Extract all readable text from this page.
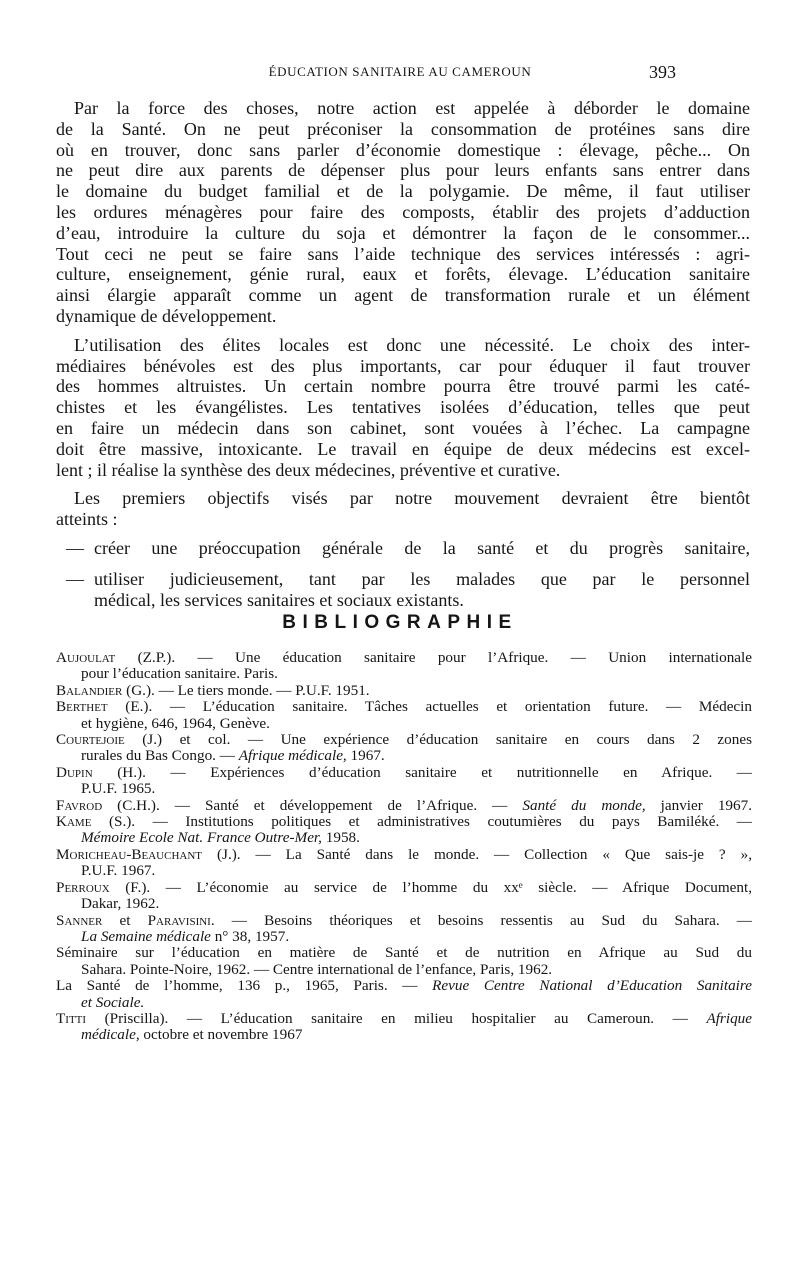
ÉDUCATION SANITAIRE AU CAMEROUN	393
Par la force des choses, notre action est appelée à déborder le domaine
de la Santé. On ne peut préconiser la consommation de protéines sans dire
où en trouver, donc sans parler d’économie domestique : élevage, pêche... On
ne peut dire aux parents de dépenser plus pour leurs enfants sans entrer dans
le domaine du budget familial et de la polygamie. De même, il faut utiliser
les ordures ménagères pour faire des composts, établir des projets d’adduction
d’eau, introduire la culture du soja et démontrer la façon de le consommer...
Tout ceci ne peut se faire sans l’aide technique des services intéressés : agri-
culture, enseignement, génie rural, eaux et forêts, élevage. L’éducation sanitaire
ainsi élargie apparaît comme un agent de transformation rurale et un élément
dynamique de développement.
L’utilisation des élites locales est donc une nécessité. Le choix des inter-
médiaires bénévoles est des plus importants, car pour éduquer il faut trouver
des hommes altruistes. Un certain nombre pourra être trouvé parmi les caté-
chistes et les évangélistes. Les tentatives isolées d’éducation, telles que peut
en faire un médecin dans son cabinet, sont vouées à l’échec. La campagne
doit être massive, intoxicante. Le travail en équipe de deux médecins est excel-
lent ; il réalise la synthèse des deux médecines, préventive et curative.
Les premiers objectifs visés par notre mouvement devraient être bientôt
atteints :
— créer une préoccupation générale de la santé et du progrès sanitaire,
— utiliser judicieusement, tant par les malades que par le personnel
médical, les services sanitaires et sociaux existants.
BIBLIOGRAPHIE
Aujoulat (Z.P.). — Une éducation sanitaire pour l’Afrique. — Union internationale
pour l’éducation sanitaire. Paris.
Balandier (G.). — Le tiers monde. — P.U.F. 1951.
Berthet (E.). — L’éducation sanitaire. Tâches actuelles et orientation future. — Médecin
et hygiène, 646, 1964, Genève.
Courtejoie (J.) et col. — Une expérience d’éducation sanitaire en cours dans 2 zones
rurales du Bas Congo. — Afrique médicale, 1967.
Dupin (H.). — Expériences d’éducation sanitaire et nutritionnelle en Afrique. —
P.U.F. 1965.
Favrod (C.H.). — Santé et développement de l’Afrique. — Santé du monde, janvier 1967.
Kame (S.). — Institutions politiques et administratives coutumières du pays Bamiléké. —
Mémoire Ecole Nat. France Outre-Mer, 1958.
Moricheau-Beauchant (J.). — La Santé dans le monde. — Collection « Que sais-je ? »,
P.U.F. 1967.
Perroux (F.). — L’économie au service de l’homme du xxᵉ siècle. — Afrique Document,
Dakar, 1962.
Sanner et Paravisini. — Besoins théoriques et besoins ressentis au Sud du Sahara. —
La Semaine médicale n° 38, 1957.
Séminaire sur l’éducation en matière de Santé et de nutrition en Afrique au Sud du
Sahara. Pointe-Noire, 1962. — Centre international de l’enfance, Paris, 1962.
La Santé de l’homme, 136 p., 1965, Paris. — Revue Centre National d’Education Sanitaire
et Sociale.
Titti (Priscilla). — L’éducation sanitaire en milieu hospitalier au Cameroun. — Afrique
médicale, octobre et novembre 1967
